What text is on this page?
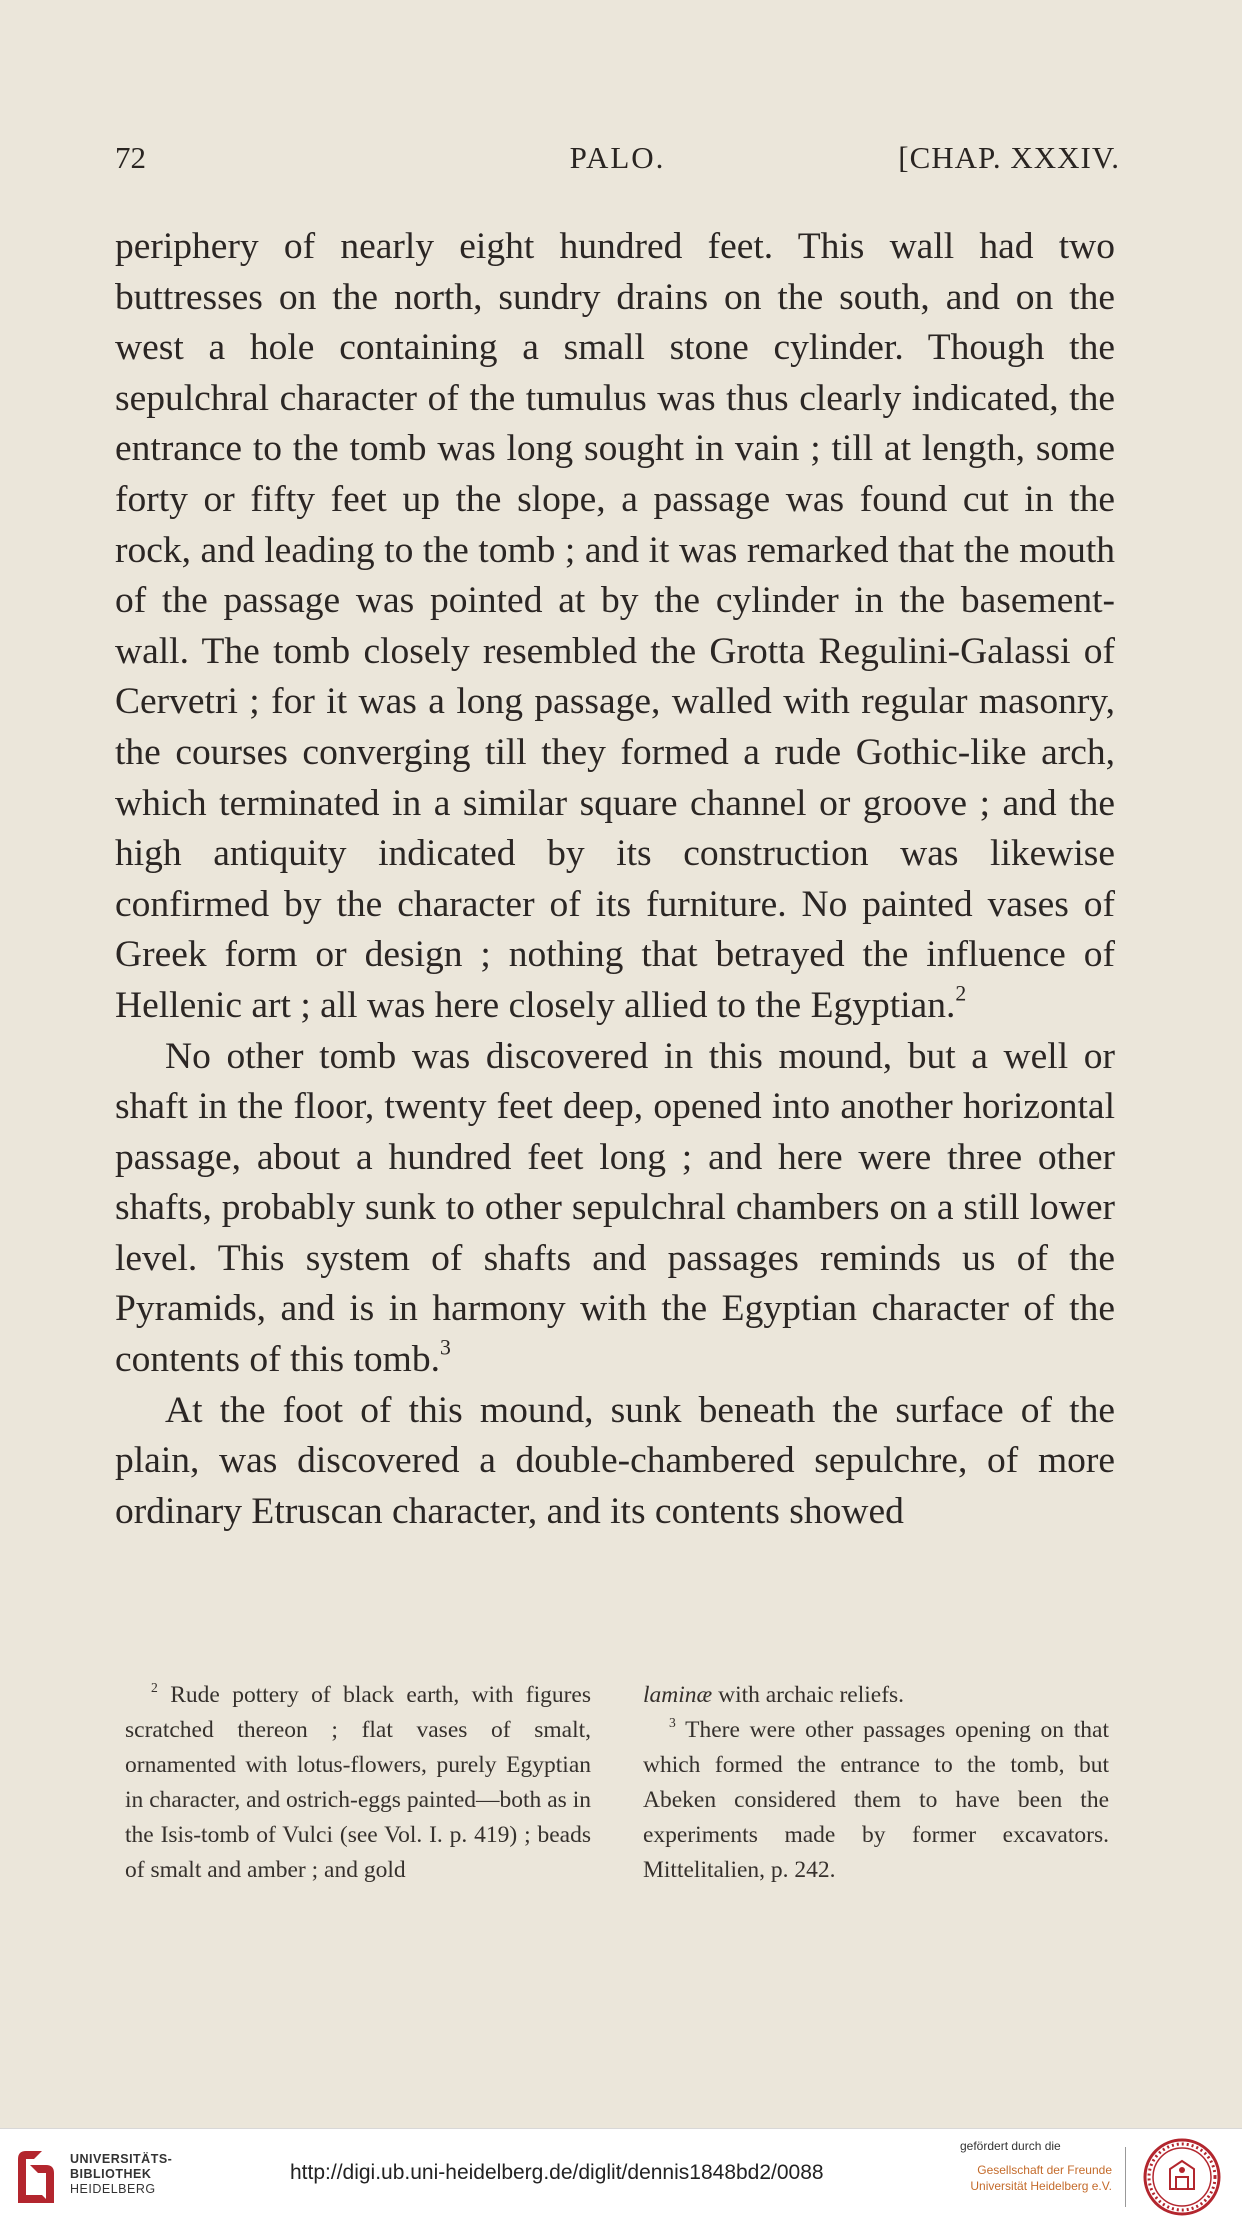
72	PALO.	[CHAP. XXXIV.

periphery of nearly eight hundred feet. This wall had two buttresses on the north, sundry drains on the south, and on the west a hole containing a small stone cylinder. Though the sepulchral character of the tumulus was thus clearly indicated, the entrance to the tomb was long sought in vain ; till at length, some forty or fifty feet up the slope, a passage was found cut in the rock, and leading to the tomb ; and it was remarked that the mouth of the passage was pointed at by the cylinder in the basement-wall. The tomb closely resembled the Grotta Regulini-Galassi of Cervetri ; for it was a long passage, walled with regular masonry, the courses converging till they formed a rude Gothic-like arch, which terminated in a similar square channel or groove ; and the high antiquity indicated by its construction was likewise confirmed by the character of its furniture. No painted vases of Greek form or design ; nothing that betrayed the influence of Hellenic art ; all was here closely allied to the Egyptian.$^2$

No other tomb was discovered in this mound, but a well or shaft in the floor, twenty feet deep, opened into another horizontal passage, about a hundred feet long ; and here were three other shafts, probably sunk to other sepulchral chambers on a still lower level. This system of shafts and passages reminds us of the Pyramids, and is in harmony with the Egyptian character of the contents of this tomb.$^3$

At the foot of this mound, sunk beneath the surface of the plain, was discovered a double-chambered sepulchre, of more ordinary Etruscan character, and its contents showed

$^2$ Rude pottery of black earth, with figures scratched thereon ; flat vases of smalt, ornamented with lotus-flowers, purely Egyptian in character, and ostrich-eggs painted—both as in the Isis-tomb of Vulci (see Vol. I. p. 419) ; beads of smalt and amber ; and gold

laminæ with archaic reliefs.

$^3$ There were other passages opening on that which formed the entrance to the tomb, but Abeken considered them to have been the experiments made by former excavators. Mittelitalien, p. 242.

UNIVERSITÄTS-
BIBLIOTHEK
HEIDELBERG
http://digi.ub.uni-heidelberg.de/diglit/dennis1848bd2/0088
gefördert durch die
Gesellschaft der Freunde
Universität Heidelberg e.V.
